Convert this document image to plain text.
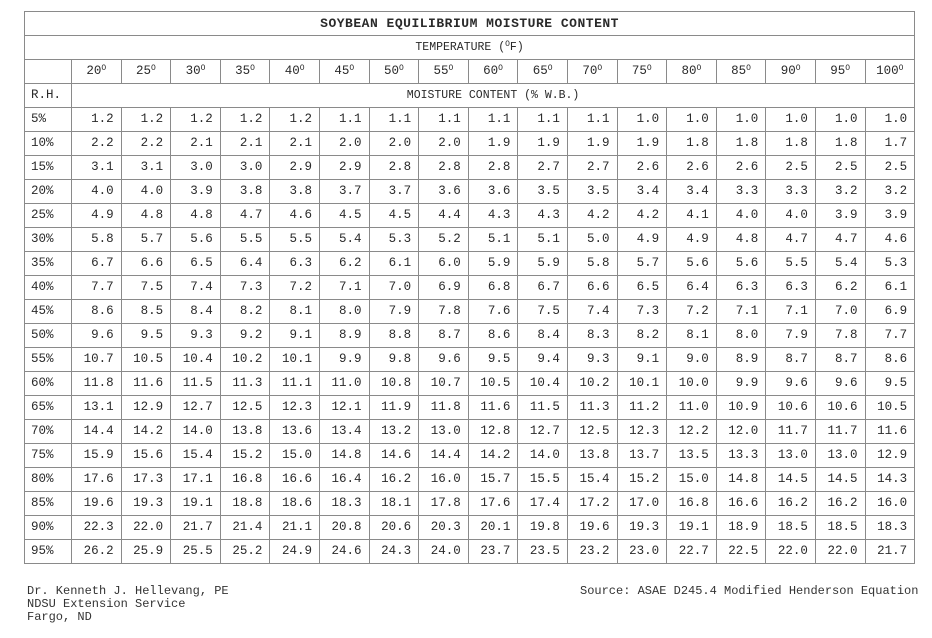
SOYBEAN EQUILIBRIUM MOISTURE CONTENT																	
TEMPERATURE ($^O$F)																	
	$20^O$	$25^O$	$30^O$	$35^O$	$40^O$	$45^O$	$50^O$	$55^O$	$60^O$	$65^O$	$70^O$	$75^O$	$80^O$	$85^O$	$90^O$	$95^O$	$100^O$
R.H.	MOISTURE CONTENT (% W.B.)																
5%	1.2	1.2	1.2	1.2	1.2	1.1	1.1	1.1	1.1	1.1	1.1	1.0	1.0	1.0	1.0	1.0	1.0
10%	2.2	2.2	2.1	2.1	2.1	2.0	2.0	2.0	1.9	1.9	1.9	1.9	1.8	1.8	1.8	1.8	1.7
15%	3.1	3.1	3.0	3.0	2.9	2.9	2.8	2.8	2.8	2.7	2.7	2.6	2.6	2.6	2.5	2.5	2.5
20%	4.0	4.0	3.9	3.8	3.8	3.7	3.7	3.6	3.6	3.5	3.5	3.4	3.4	3.3	3.3	3.2	3.2
25%	4.9	4.8	4.8	4.7	4.6	4.5	4.5	4.4	4.3	4.3	4.2	4.2	4.1	4.0	4.0	3.9	3.9
30%	5.8	5.7	5.6	5.5	5.5	5.4	5.3	5.2	5.1	5.1	5.0	4.9	4.9	4.8	4.7	4.7	4.6
35%	6.7	6.6	6.5	6.4	6.3	6.2	6.1	6.0	5.9	5.9	5.8	5.7	5.6	5.6	5.5	5.4	5.3
40%	7.7	7.5	7.4	7.3	7.2	7.1	7.0	6.9	6.8	6.7	6.6	6.5	6.4	6.3	6.3	6.2	6.1
45%	8.6	8.5	8.4	8.2	8.1	8.0	7.9	7.8	7.6	7.5	7.4	7.3	7.2	7.1	7.1	7.0	6.9
50%	9.6	9.5	9.3	9.2	9.1	8.9	8.8	8.7	8.6	8.4	8.3	8.2	8.1	8.0	7.9	7.8	7.7
55%	10.7	10.5	10.4	10.2	10.1	9.9	9.8	9.6	9.5	9.4	9.3	9.1	9.0	8.9	8.7	8.7	8.6
60%	11.8	11.6	11.5	11.3	11.1	11.0	10.8	10.7	10.5	10.4	10.2	10.1	10.0	9.9	9.6	9.6	9.5
65%	13.1	12.9	12.7	12.5	12.3	12.1	11.9	11.8	11.6	11.5	11.3	11.2	11.0	10.9	10.6	10.6	10.5
70%	14.4	14.2	14.0	13.8	13.6	13.4	13.2	13.0	12.8	12.7	12.5	12.3	12.2	12.0	11.7	11.7	11.6
75%	15.9	15.6	15.4	15.2	15.0	14.8	14.6	14.4	14.2	14.0	13.8	13.7	13.5	13.3	13.0	13.0	12.9
80%	17.6	17.3	17.1	16.8	16.6	16.4	16.2	16.0	15.7	15.5	15.4	15.2	15.0	14.8	14.5	14.5	14.3
85%	19.6	19.3	19.1	18.8	18.6	18.3	18.1	17.8	17.6	17.4	17.2	17.0	16.8	16.6	16.2	16.2	16.0
90%	22.3	22.0	21.7	21.4	21.1	20.8	20.6	20.3	20.1	19.8	19.6	19.3	19.1	18.9	18.5	18.5	18.3
95%	26.2	25.9	25.5	25.2	24.9	24.6	24.3	24.0	23.7	23.5	23.2	23.0	22.7	22.5	22.0	22.0	21.7
Dr. Kenneth J. Hellevang, PE
NDSU Extension Service
Fargo, ND
Source: ASAE D245.4 Modified Henderson Equation
